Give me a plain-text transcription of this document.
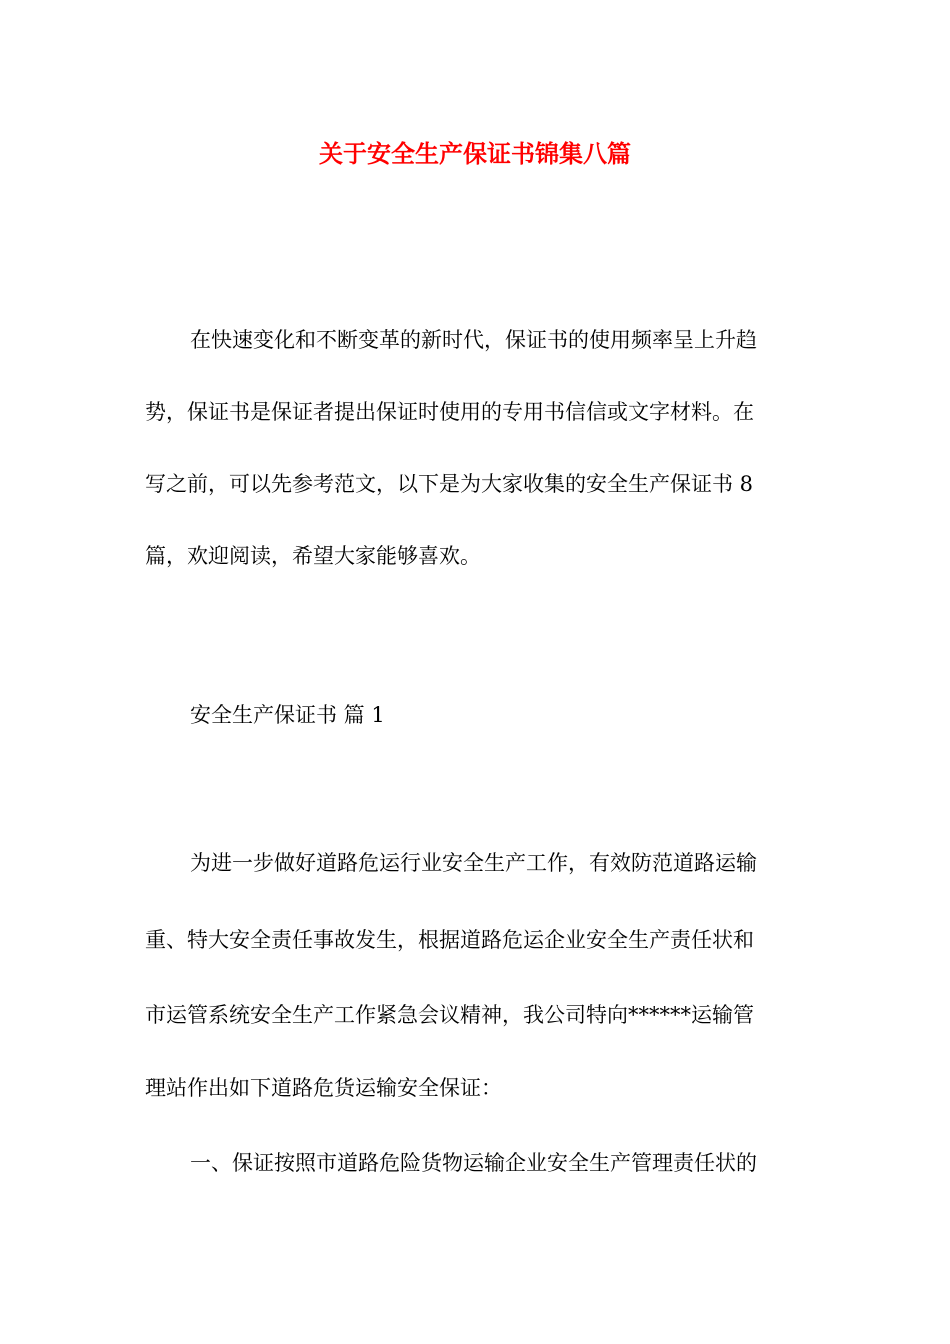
关于安全生产保证书锦集八篇
在快速变化和不断变革的新时代，保证书的使用频率呈上升趋
势，保证书是保证者提出保证时使用的专用书信信或文字材料。在
写之前，可以先参考范文，以下是为大家收集的安全生产保证书 8
篇，欢迎阅读，希望大家能够喜欢。
安全生产保证书 篇 1
为进一步做好道路危运行业安全生产工作，有效防范道路运输
重、特大安全责任事故发生，根据道路危运企业安全生产责任状和
市运管系统安全生产工作紧急会议精神，我公司特向******运输管
理站作出如下道路危货运输安全保证：
一、保证按照市道路危险货物运输企业安全生产管理责任状的
